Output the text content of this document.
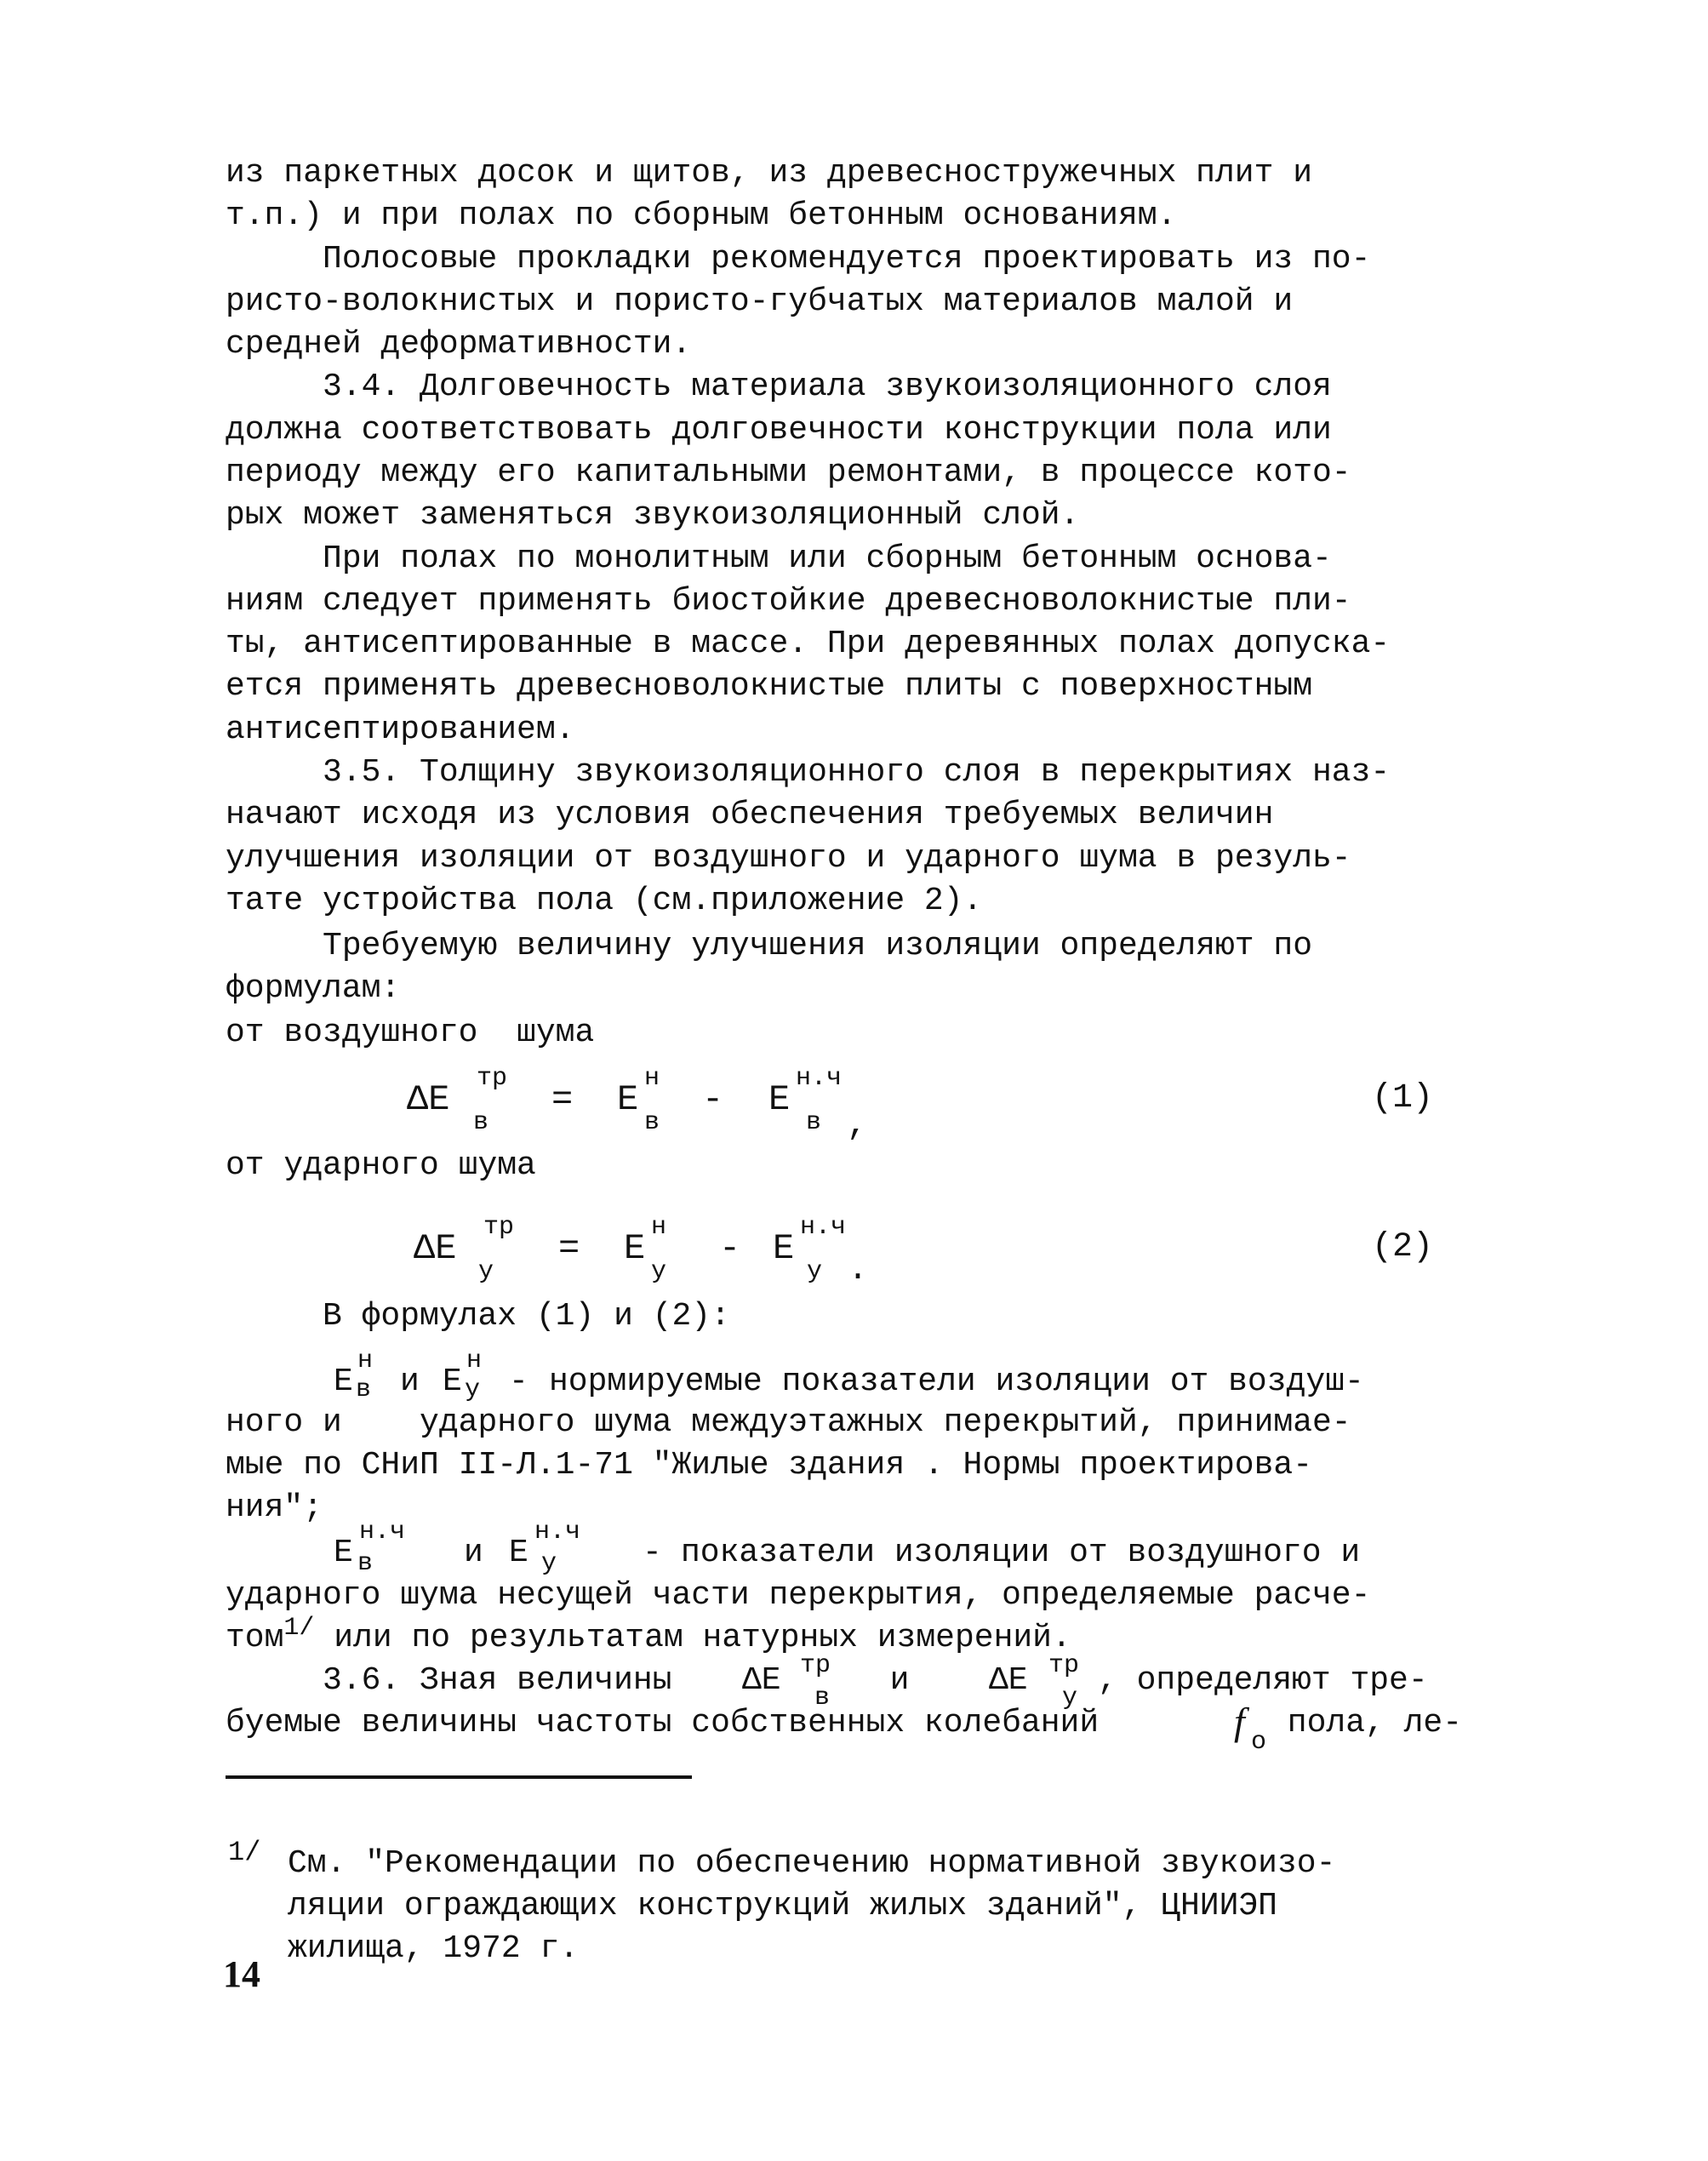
из паркетных досок и щитов, из древесностружечных плит и
т.п.) и при полах по сборным бетонным основаниям.
Полосовые прокладки рекомендуется проектировать из по-
ристо-волокнистых и пористо-губчатых материалов малой и
средней деформативности.
3.4. Долговечность материала звукоизоляционного слоя
должна соответствовать долговечности конструкции пола или
периоду между его капитальными ремонтами, в процессе кото-
рых может заменяться звукоизоляционный слой.
При полах по монолитным или сборным бетонным основа-
ниям следует применять биостойкие древесноволокнистые пли-
ты, антисептированные в массе. При деревянных полах допуска-
ется применять древесноволокнистые плиты с поверхностным
антисептированием.
3.5. Толщину звукоизоляционного слоя в перекрытиях наз-
начают исходя из условия обеспечения требуемых величин
улучшения изоляции от воздушного и ударного шума в резуль-
тате устройства пола (см.приложение 2).
Требуемую величину улучшения изоляции определяют по
формулам:
от воздушного  шума
ΔE
тр
в
= E
н
в
- E
н.ч
в ,
(1)
от ударного шума
ΔE
тр
у
= E
н
у
- E
н.ч
у .
(2)
В формулах (1) и (2):
E
н
в и E
н
у - нормируемые показатели изоляции от воздуш-
ного и    ударного шума междуэтажных перекрытий, принимае-
мые по СНиП II-Л.1-71 "Жилые здания . Нормы проектирова-
ния";
E
н.ч
в	и E
н.ч
у	- показатели изоляции от воздушного и
ударного шума несущей части перекрытия, определяемые расче-
том$^{1/}$ или по результатам натурных измерений.
3.6. Зная величины ΔE тр
в и ΔE тр
у , определяют тре-
буемые величины частоты собственных колебаний	f o
пола, ле-
1/ См. "Рекомендации по обеспечению нормативной звукоизо-
ляции ограждающих конструкций жилых зданий", ЦНИИЭП
жилища, 1972 г.
14
